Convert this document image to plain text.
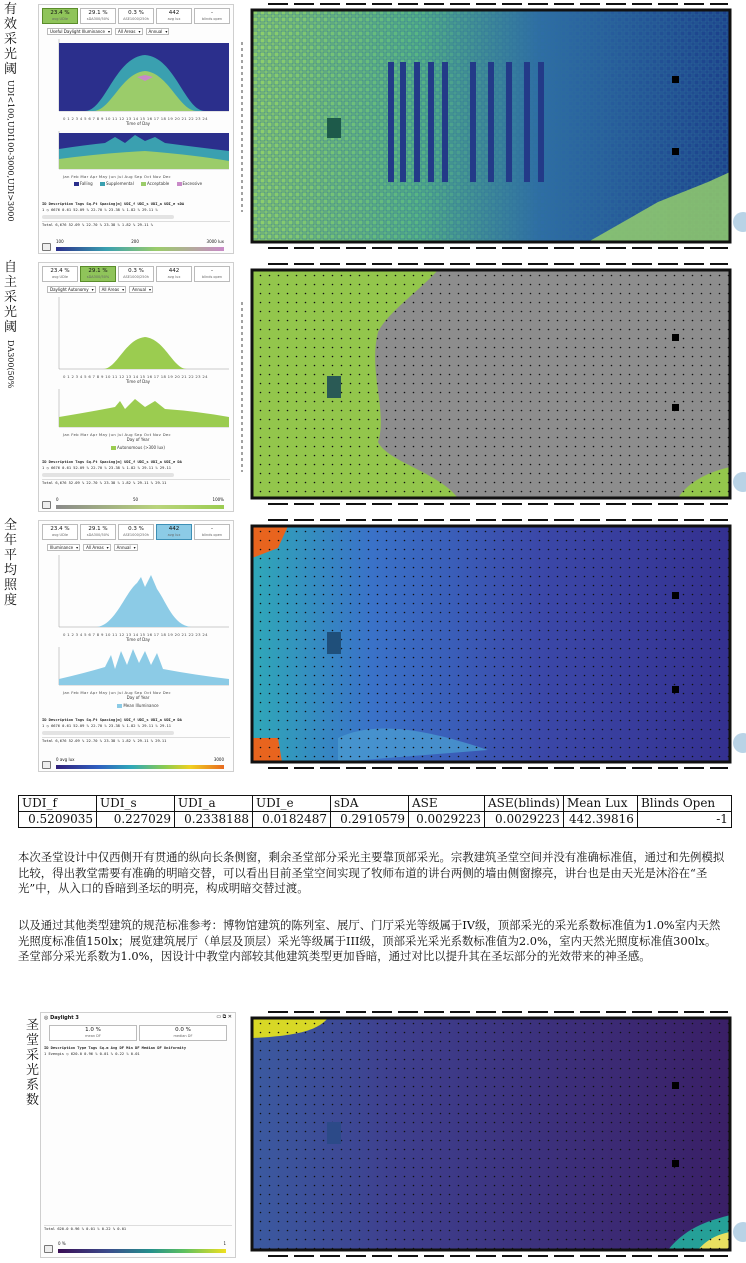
有效采光阈
UDI<100,UDI100-3000,UDI>3000
自主采光阈
DA300(50%
全年平均照度
圣堂采光系数
23.4 %
avg UDIe
29.1 %
sDA300/50%
0.3 %
ASE1000/250h
442
avg lux
-
blinds open
Useful Daylight Illuminance ▾	All Areas ▾	Annual ▾
0 1 2 3 4 5 6 7 8 9 10 11 12 13 14 15 16 17 18 19 20 21 22 23 24
Time of Day
Jan Feb Mar Apr May Jun Jul Aug Sep Oct Nov Dec
Falling	Supplemental	Acceptable	Excessive
ID Description Tags Sq.Ft Spacing[m] UDI_f UDI_s UDI_a UDI_e sDA
1 ⦸ 6676 0.61 52.09 % 22.70 % 23.38 % 1.82 % 29.11 %
Total 6,676 52.09 % 22.70 % 23.38 % 1.82 % 29.11 %
100	200	3000 lux
23.4 %
avg UDIe
29.1 %
sDA300/50%
0.3 %
ASE1000/250h
442
avg lux
-
blinds open
Daylight Autonomy ▾	All Areas ▾	Annual ▾
0 1 2 3 4 5 6 7 8 9 10 11 12 13 14 15 16 17 18 19 20 21 22 23 24
Time of Day
Jan Feb Mar Apr May Jun Jul Aug Sep Oct Nov Dec
Day of Year
Autonomous (>300 lux)
ID Description Tags Sq.Ft Spacing[m] UDI_f UDI_s UDI_a UDI_e DA
1 ⦸ 6676 0.61 52.09 % 22.70 % 23.38 % 1.82 % 29.11 % 29.11
Total 6,676 52.09 % 22.70 % 23.38 % 1.82 % 29.11 % 29.11
0	50	100%
23.4 %
avg UDIe
29.1 %
sDA300/50%
0.3 %
ASE1000/250h
442
avg lux
-
blinds open
Illuminance ▾	All Areas ▾	Annual ▾
0 1 2 3 4 5 6 7 8 9 10 11 12 13 14 15 16 17 18 19 20 21 22 23 24
Time of Day
Jan Feb Mar Apr May Jun Jul Aug Sep Oct Nov Dec
Day of Year
Mean Illuminance
ID Description Tags Sq.Ft Spacing[m] UDI_f UDI_s UDI_a UDI_e DA
1 ⦸ 6676 0.61 52.09 % 22.70 % 23.38 % 1.82 % 29.11 % 29.11
Total 6,676 52.09 % 22.70 % 23.38 % 1.82 % 29.11 % 29.11
0 avg lux	3000
◎ Daylight 3	▭ ⧉ ✕
1.0 %
mean DF
0.0 %
median DF
ID Description Type Tags Sq.m Avg DF Min DF Median DF Uniformity
1 Evengis ⦸ 620.0 0.96 % 0.01 % 0.22 % 0.01
Total 620.0 0.96 % 0.01 % 0.22 % 0.01
0 %	1
UDI_f	UDI_s	UDI_a	UDI_e	sDA	ASE	ASE(blinds)	Mean Lux	Blinds Open
0.5209035	0.227029	0.2338188	0.0182487	0.2910579	0.0029223	0.0029223	442.39816	-1

本次圣堂设计中仅西侧开有贯通的纵向长条侧窗，剩余圣堂部分采光主要靠顶部采光。宗教建筑圣堂空间并没有准确标准值，通过和先例模拟比较，得出教堂需要有准确的明暗交替，可以看出目前圣堂空间实现了牧师布道的讲台两侧的墙由侧窗擦亮，讲台也是由天光是沐浴在“圣光”中，从入口的昏暗到圣坛的明亮，构成明暗交替过渡。

以及通过其他类型建筑的规范标准参考：博物馆建筑的陈列室、展厅、门厅采光等级属于IV级，顶部采光的采光系数标准值为1.0%室内天然光照度标准值150lx；展览建筑展厅（单层及顶层）采光等级属于III级，顶部采光采光系数标准值为2.0%，室内天然光照度标准值300lx。

圣堂部分采光系数为1.0%，因设计中教堂内部较其他建筑类型更加昏暗，通过对比以提升其在圣坛部分的光效带来的神圣感。
